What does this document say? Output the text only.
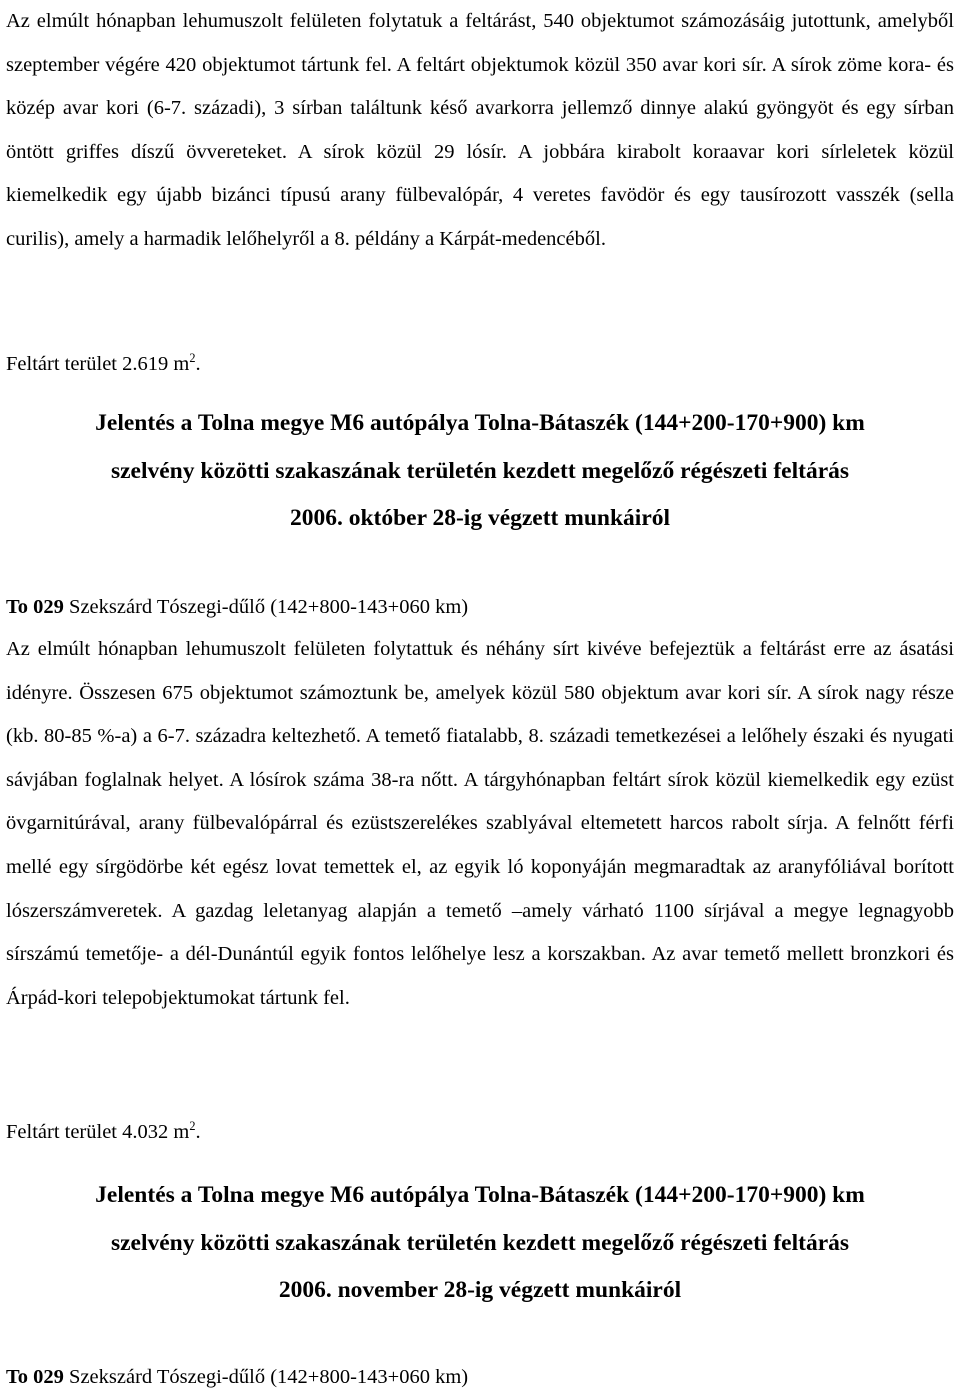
Az elmúlt hónapban lehumuszolt felületen folytatuk a feltárást, 540 objektumot számozásáig jutottunk, amelyből szeptember végére 420 objektumot tártunk fel. A feltárt objektumok közül 350 avar kori sír. A sírok zöme kora- és közép avar kori (6-7. századi), 3 sírban találtunk késő avarkorra jellemző dinnye alakú gyöngyöt és egy sírban öntött griffes díszű övvereteket. A sírok közül 29 lósír. A jobbára kirabolt koraavar kori sírleletek közül kiemelkedik egy újabb bizánci típusú arany fülbevalópár, 4 veretes favödör és egy tausírozott vasszék (sella curilis), amely a harmadik lelőhelyről a 8. példány a Kárpát-medencéből.

Feltárt terület 2.619 $m^2$.

Jelentés a Tolna megye M6 autópálya Tolna-Bátaszék (144+200-170+900) km
szelvény közötti szakaszának területén kezdett megelőző régészeti feltárás
2006. október 28-ig végzett munkáiról

To 029 Szekszárd Tószegi-dűlő (142+800-143+060 km)

Az elmúlt hónapban lehumuszolt felületen folytattuk és néhány sírt kivéve befejeztük a feltárást erre az ásatási idényre. Összesen 675 objektumot számoztunk be, amelyek közül 580 objektum avar kori sír. A sírok nagy része (kb. 80-85 %-a) a 6-7. századra keltezhető. A temető fiatalabb, 8. századi temetkezései a lelőhely északi és nyugati sávjában foglalnak helyet. A lósírok száma 38-ra nőtt. A tárgyhónapban feltárt sírok közül kiemelkedik egy ezüst övgarnitúrával, arany fülbevalópárral és ezüstszerelékes szablyával eltemetett harcos rabolt sírja. A felnőtt férfi mellé egy sírgödörbe két egész lovat temettek el, az egyik ló koponyáján megmaradtak az aranyfóliával borított lószerszámveretek. A gazdag leletanyag alapján a temető –amely várható 1100 sírjával a megye legnagyobb sírszámú temetője- a dél-Dunántúl egyik fontos lelőhelye lesz a korszakban. Az avar temető mellett bronzkori és Árpád-kori telepobjektumokat tártunk fel.

Feltárt terület 4.032 $m^2$.

Jelentés a Tolna megye M6 autópálya Tolna-Bátaszék (144+200-170+900) km
szelvény közötti szakaszának területén kezdett megelőző régészeti feltárás
2006. november 28-ig végzett munkáiról

To 029 Szekszárd Tószegi-dűlő (142+800-143+060 km)
